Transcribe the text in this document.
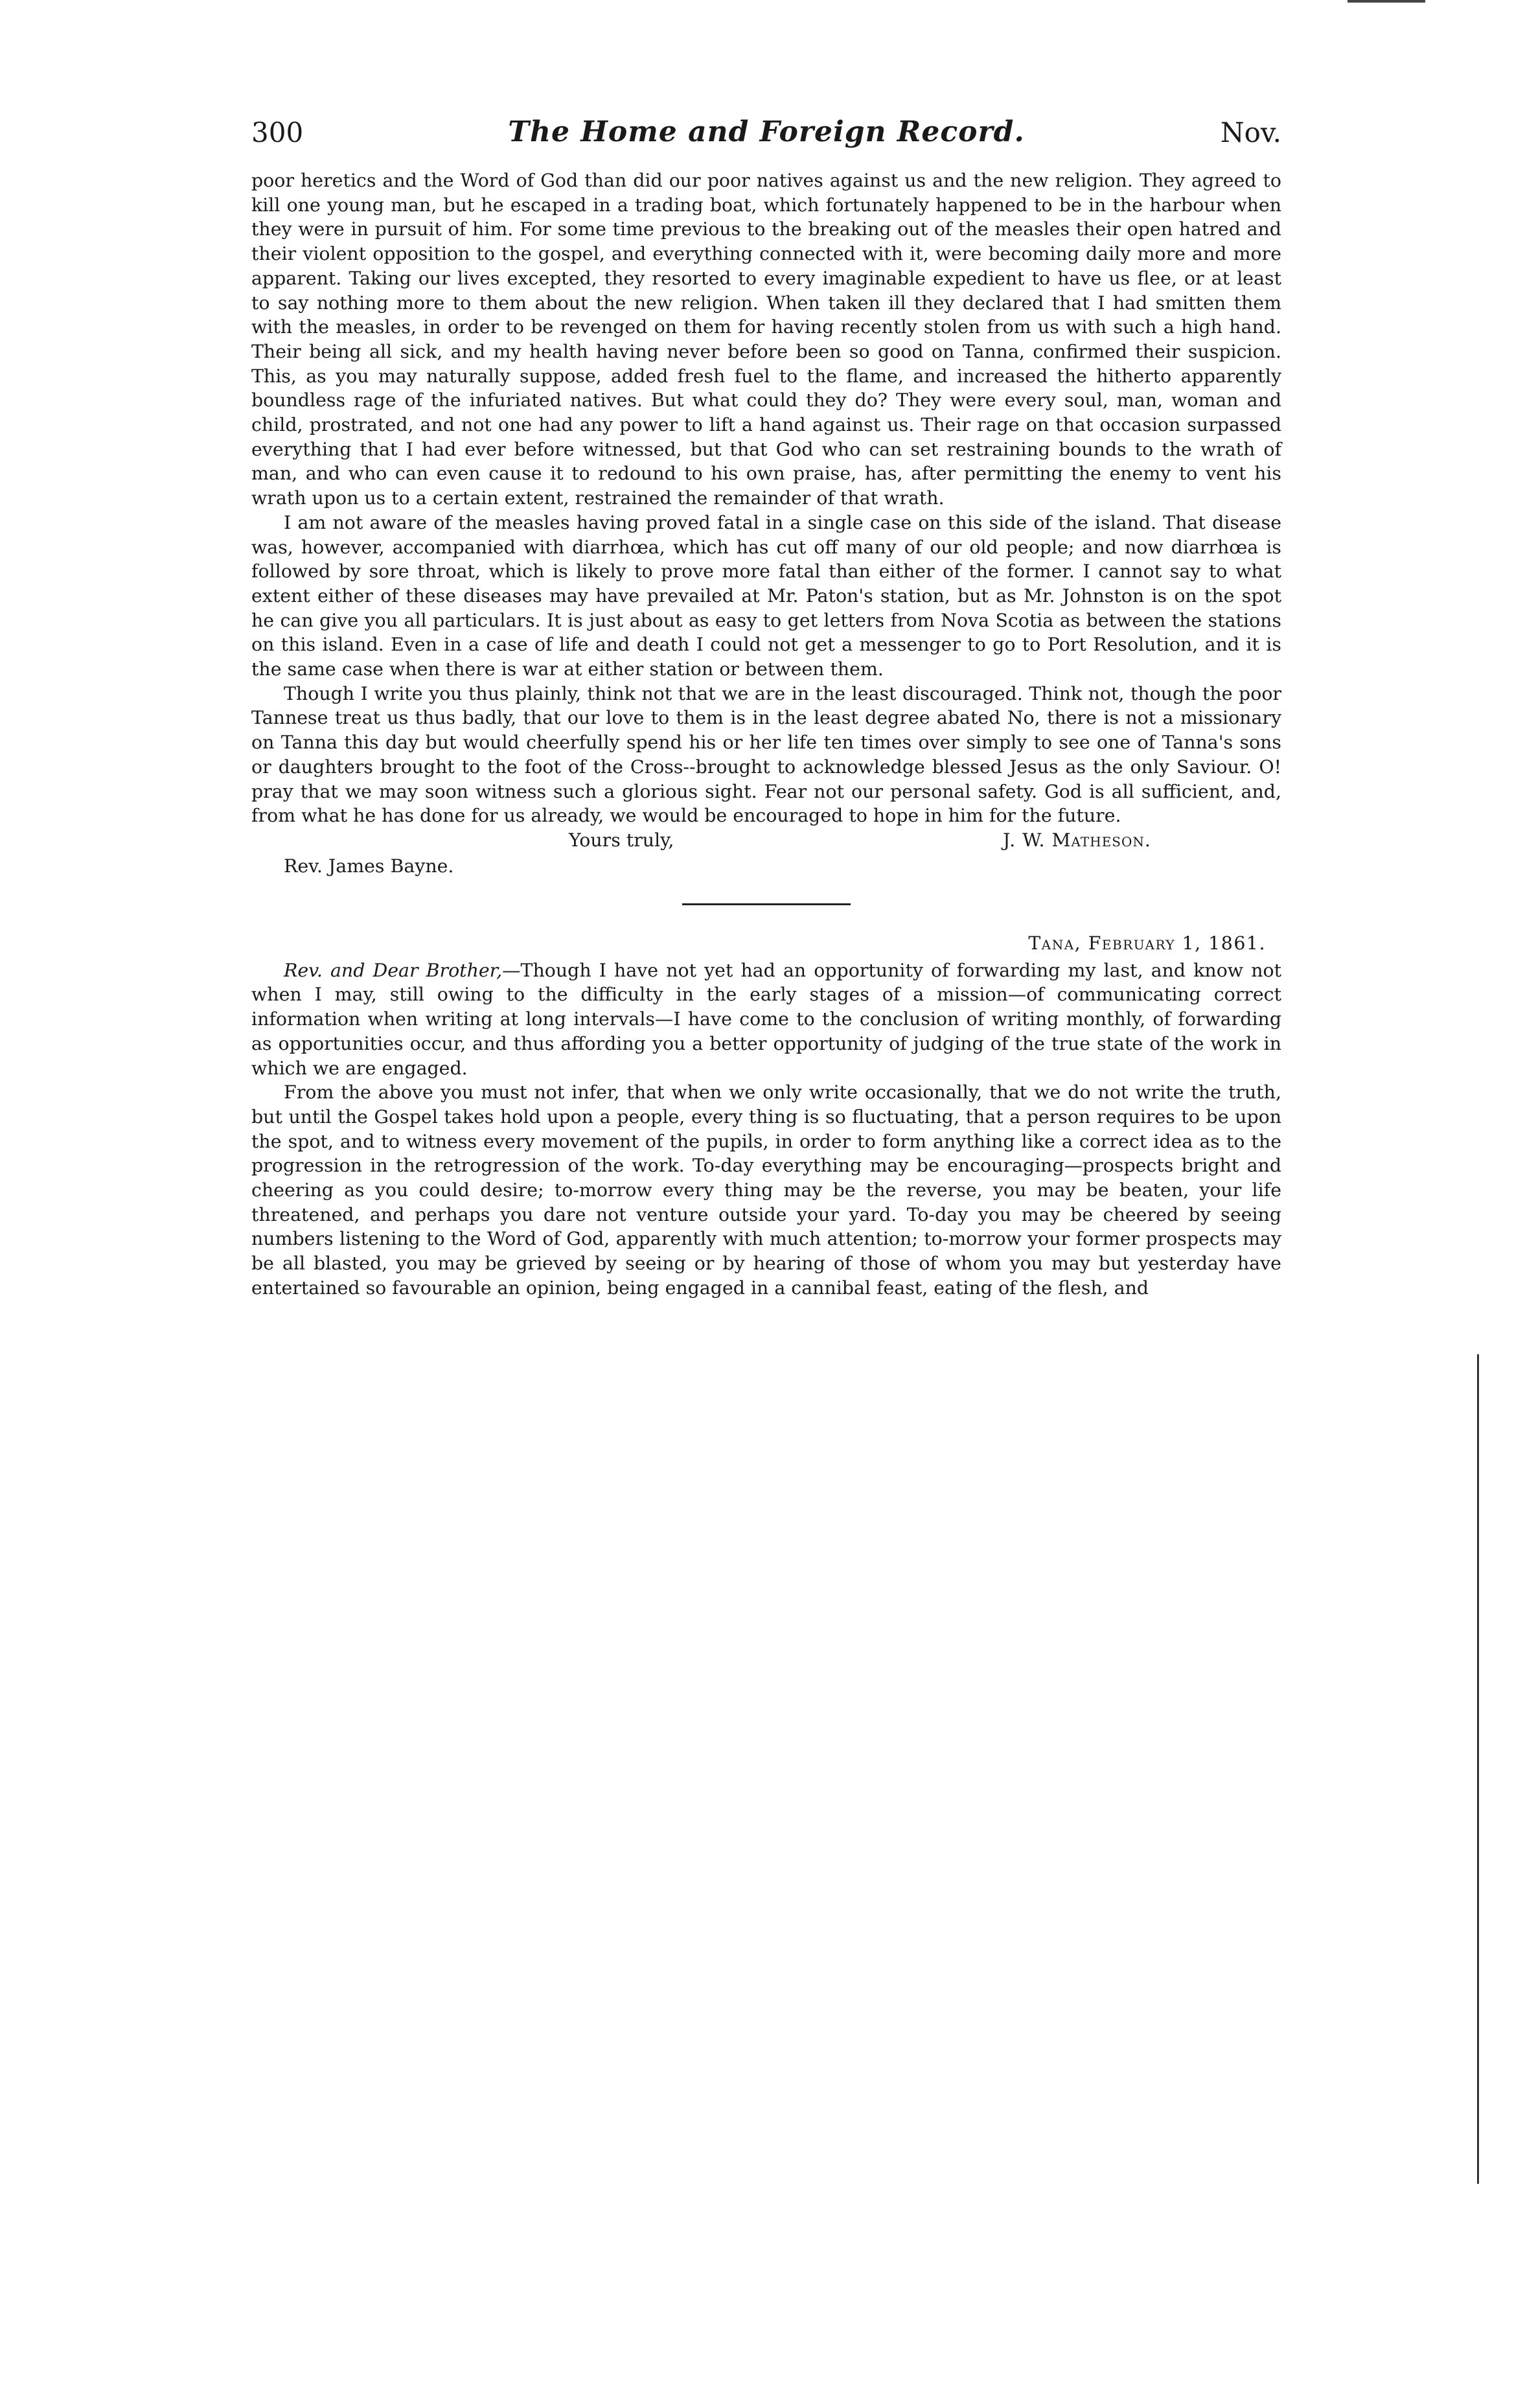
300	The Home and Foreign Record.	Nov.

poor heretics and the Word of God than did our poor natives against us and the new religion. They agreed to kill one young man, but he escaped in a trading boat, which fortunately happened to be in the harbour when they were in pursuit of him. For some time previous to the breaking out of the measles their open hatred and their violent opposition to the gospel, and everything connected with it, were becoming daily more and more apparent. Taking our lives excepted, they resorted to every imaginable expedient to have us flee, or at least to say nothing more to them about the new religion. When taken ill they declared that I had smitten them with the measles, in order to be revenged on them for having recently stolen from us with such a high hand. Their being all sick, and my health having never before been so good on Tanna, confirmed their suspicion. This, as you may naturally suppose, added fresh fuel to the flame, and increased the hitherto apparently boundless rage of the infuriated natives. But what could they do? They were every soul, man, woman and child, prostrated, and not one had any power to lift a hand against us. Their rage on that occasion surpassed everything that I had ever before witnessed, but that God who can set restraining bounds to the wrath of man, and who can even cause it to redound to his own praise, has, after permitting the enemy to vent his wrath upon us to a certain extent, restrained the remainder of that wrath.

I am not aware of the measles having proved fatal in a single case on this side of the island. That disease was, however, accompanied with diarrhœa, which has cut off many of our old people; and now diarrhœa is followed by sore throat, which is likely to prove more fatal than either of the former. I cannot say to what extent either of these diseases may have prevailed at Mr. Paton's station, but as Mr. Johnston is on the spot he can give you all particulars. It is just about as easy to get letters from Nova Scotia as between the stations on this island. Even in a case of life and death I could not get a messenger to go to Port Resolution, and it is the same case when there is war at either station or between them.

Though I write you thus plainly, think not that we are in the least discouraged. Think not, though the poor Tannese treat us thus badly, that our love to them is in the least degree abated No, there is not a missionary on Tanna this day but would cheerfully spend his or her life ten times over simply to see one of Tanna's sons or daughters brought to the foot of the Cross--brought to acknowledge blessed Jesus as the only Saviour. O! pray that we may soon witness such a glorious sight. Fear not our personal safety. God is all sufficient, and, from what he has done for us already, we would be encouraged to hope in him for the future.

Yours truly,	J. W. Matheson.

Rev. James Bayne.

Tana, February 1, 1861.

Rev. and Dear Brother,—Though I have not yet had an opportunity of forwarding my last, and know not when I may, still owing to the difficulty in the early stages of a mission—of communicating correct information when writing at long intervals—I have come to the conclusion of writing monthly, of forwarding as opportunities occur, and thus affording you a better opportunity of judging of the true state of the work in which we are engaged.

From the above you must not infer, that when we only write occasionally, that we do not write the truth, but until the Gospel takes hold upon a people, every thing is so fluctuating, that a person requires to be upon the spot, and to witness every movement of the pupils, in order to form anything like a correct idea as to the progression in the retrogression of the work. To-day everything may be encouraging—prospects bright and cheering as you could desire; to-morrow every thing may be the reverse, you may be beaten, your life threatened, and perhaps you dare not venture outside your yard. To-day you may be cheered by seeing numbers listening to the Word of God, apparently with much attention; to-morrow your former prospects may be all blasted, you may be grieved by seeing or by hearing of those of whom you may but yesterday have entertained so favourable an opinion, being engaged in a cannibal feast, eating of the flesh, and
